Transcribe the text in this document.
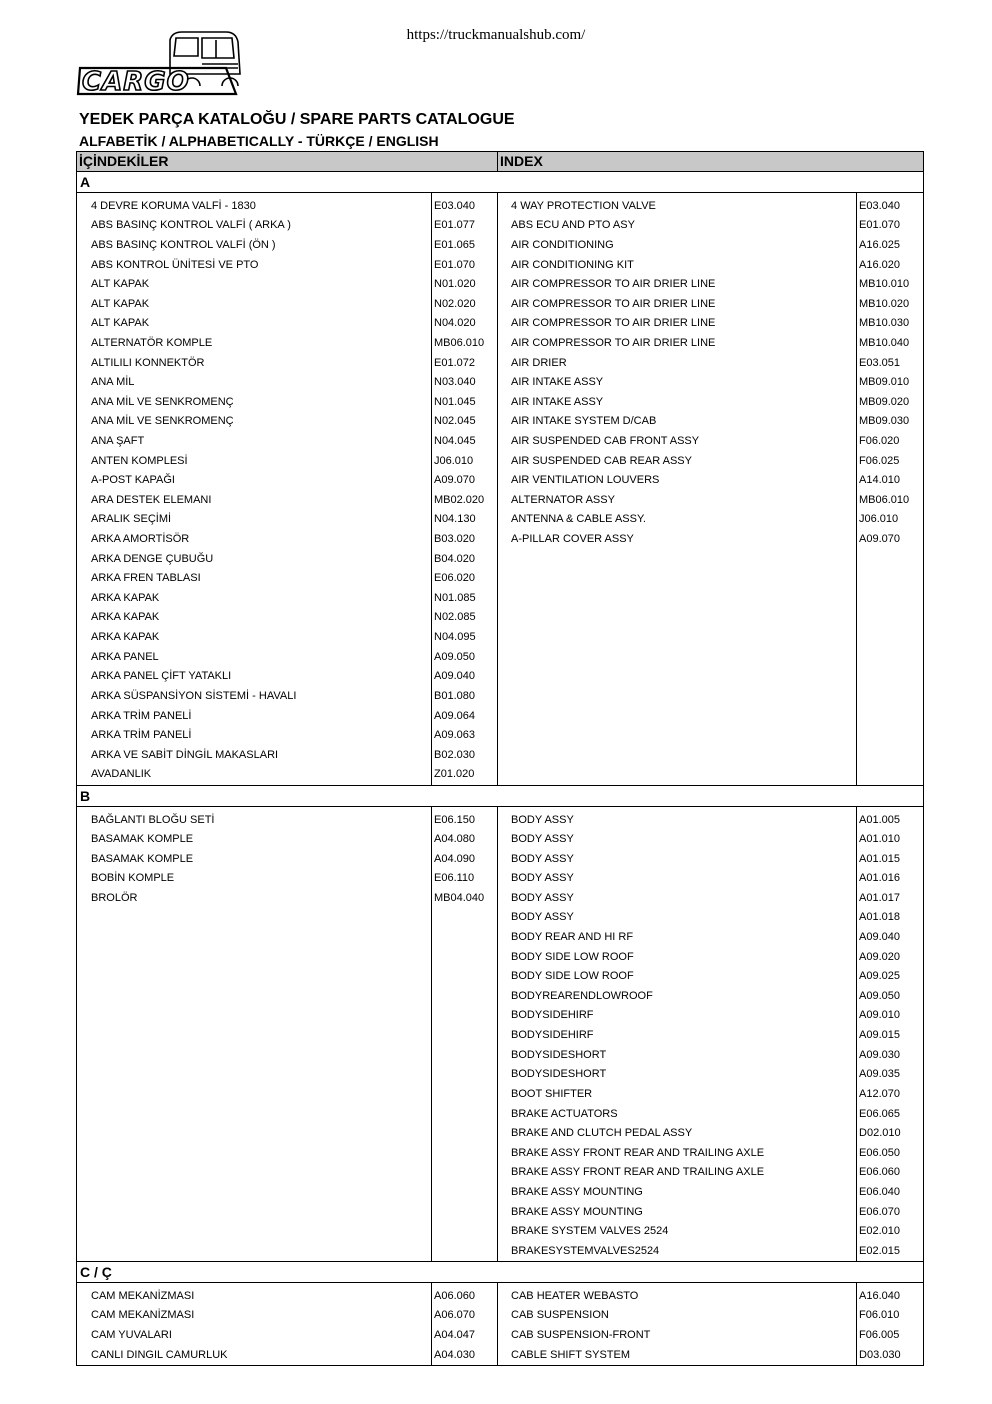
https://truckmanualshub.com/
CARGO
YEDEK PARÇA KATALOĞU / SPARE PARTS CATALOGUE
ALFABETİK / ALPHABETICALLY - TÜRKÇE / ENGLISH
İÇİNDEKİLER		INDEX	
A			
4 DEVRE KORUMA VALFİ - 1830	E03.040	4 WAY PROTECTION VALVE	E03.040
ABS BASINÇ KONTROL VALFİ ( ARKA )	E01.077	ABS ECU AND PTO ASY	E01.070
ABS BASINÇ KONTROL VALFİ (ÖN )	E01.065	AIR CONDITIONING	A16.025
ABS KONTROL ÜNİTESİ VE PTO	E01.070	AIR CONDITIONING KIT	A16.020
ALT KAPAK	N01.020	AIR COMPRESSOR TO AIR DRIER LINE	MB10.010
ALT KAPAK	N02.020	AIR COMPRESSOR TO AIR DRIER LINE	MB10.020
ALT KAPAK	N04.020	AIR COMPRESSOR TO AIR DRIER LINE	MB10.030
ALTERNATÖR KOMPLE	MB06.010	AIR COMPRESSOR TO AIR DRIER LINE	MB10.040
ALTILILI KONNEKTÖR	E01.072	AIR DRIER	E03.051
ANA MİL	N03.040	AIR INTAKE ASSY	MB09.010
ANA MİL VE SENKROMENÇ	N01.045	AIR INTAKE ASSY	MB09.020
ANA MİL VE SENKROMENÇ	N02.045	AIR INTAKE SYSTEM D/CAB	MB09.030
ANA ŞAFT	N04.045	AIR SUSPENDED CAB FRONT ASSY	F06.020
ANTEN KOMPLESİ	J06.010	AIR SUSPENDED CAB REAR ASSY	F06.025
A-POST KAPAĞI	A09.070	AIR VENTILATION LOUVERS	A14.010
ARA DESTEK ELEMANI	MB02.020	ALTERNATOR ASSY	MB06.010
ARALIK SEÇİMİ	N04.130	ANTENNA & CABLE ASSY.	J06.010
ARKA AMORTİSÖR	B03.020	A-PILLAR COVER ASSY	A09.070
ARKA DENGE ÇUBUĞU	B04.020		
ARKA FREN TABLASI	E06.020		
ARKA KAPAK	N01.085		
ARKA KAPAK	N02.085		
ARKA KAPAK	N04.095		
ARKA PANEL	A09.050		
ARKA PANEL ÇİFT YATAKLI	A09.040		
ARKA SÜSPANSİYON SİSTEMİ - HAVALI	B01.080		
ARKA TRİM PANELİ	A09.064		
ARKA TRİM PANELİ	A09.063		
ARKA VE SABİT DİNGİL MAKASLARI	B02.030		
AVADANLIK	Z01.020		
B			
BAĞLANTI BLOĞU SETİ	E06.150	BODY ASSY	A01.005
BASAMAK KOMPLE	A04.080	BODY ASSY	A01.010
BASAMAK KOMPLE	A04.090	BODY ASSY	A01.015
BOBİN KOMPLE	E06.110	BODY ASSY	A01.016
BROLÖR	MB04.040	BODY ASSY	A01.017
		BODY ASSY	A01.018
		BODY REAR AND HI RF	A09.040
		BODY SIDE LOW ROOF	A09.020
		BODY SIDE LOW ROOF	A09.025
		BODYREARENDLOWROOF	A09.050
		BODYSIDEHIRF	A09.010
		BODYSIDEHIRF	A09.015
		BODYSIDESHORT	A09.030
		BODYSIDESHORT	A09.035
		BOOT SHIFTER	A12.070
		BRAKE ACTUATORS	E06.065
		BRAKE AND CLUTCH PEDAL ASSY	D02.010
		BRAKE ASSY FRONT REAR AND TRAILING AXLE	E06.050
		BRAKE ASSY FRONT REAR AND TRAILING AXLE	E06.060
		BRAKE ASSY MOUNTING	E06.040
		BRAKE ASSY MOUNTING	E06.070
		BRAKE SYSTEM VALVES 2524	E02.010
		BRAKESYSTEMVALVES2524	E02.015
C / Ç			
CAM MEKANİZMASI	A06.060	CAB HEATER WEBASTO	A16.040
CAM MEKANİZMASI	A06.070	CAB SUSPENSION	F06.010
CAM YUVALARI	A04.047	CAB SUSPENSION-FRONT	F06.005
CANLI DINGIL CAMURLUK	A04.030	CABLE SHIFT SYSTEM	D03.030
